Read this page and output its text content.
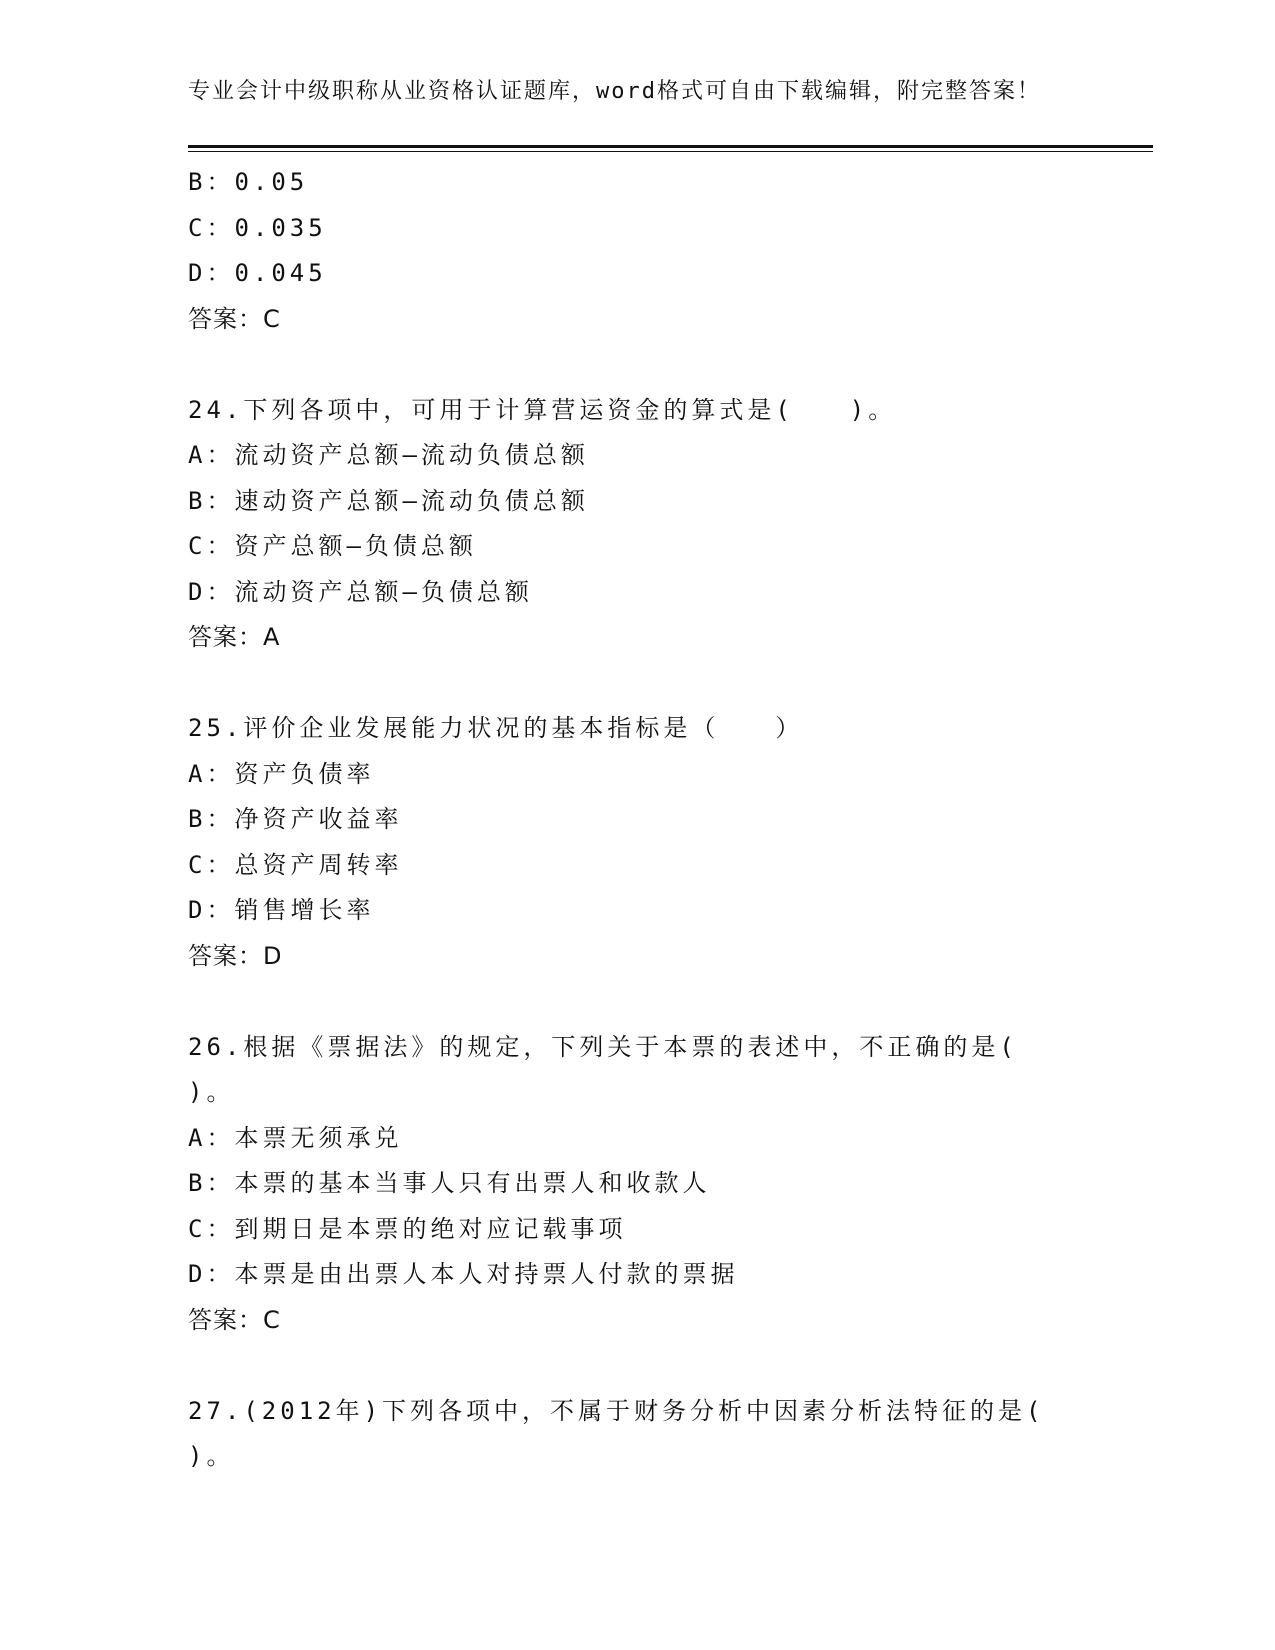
专业会计中级职称从业资格认证题库，word格式可自由下载编辑，附完整答案！
B：0.05
C：0.035
D：0.045
答案：C
24.下列各项中，可用于计算营运资金的算式是(　　)。
A：流动资产总额—流动负债总额
B：速动资产总额—流动负债总额
C：资产总额—负债总额
D：流动资产总额—负债总额
答案：A
25.评价企业发展能力状况的基本指标是（　　）
A：资产负债率
B：净资产收益率
C：总资产周转率
D：销售增长率
答案：D
26.根据《票据法》的规定，下列关于本票的表述中，不正确的是(
)。
A：本票无须承兑
B：本票的基本当事人只有出票人和收款人
C：到期日是本票的绝对应记载事项
D：本票是由出票人本人对持票人付款的票据
答案：C
27.(2012年)下列各项中，不属于财务分析中因素分析法特征的是(
)。
